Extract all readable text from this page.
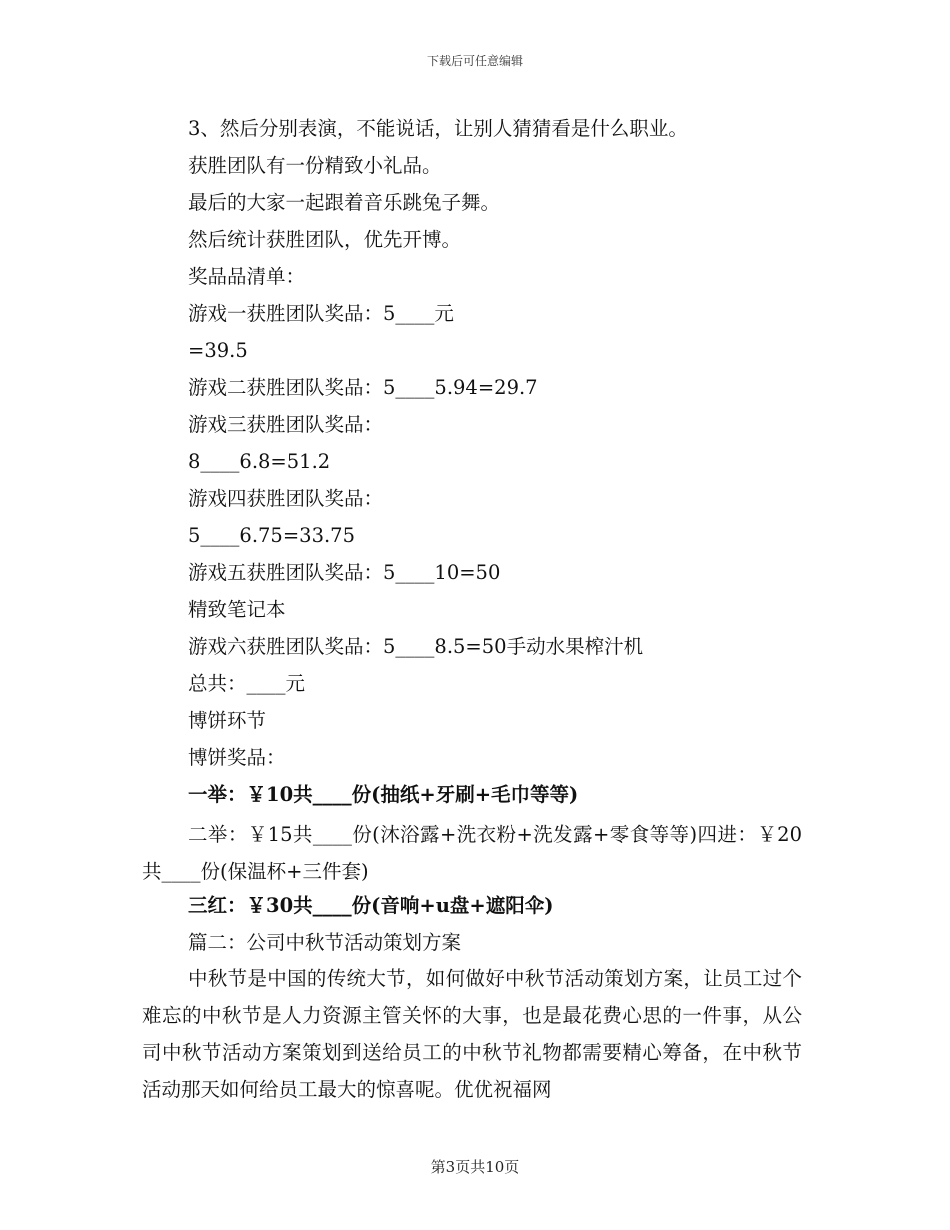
下载后可任意编辑
3、然后分别表演，不能说话，让别人猜猜看是什么职业。
获胜团队有一份精致小礼品。
最后的大家一起跟着音乐跳兔子舞。
然后统计获胜团队，优先开博。
奖品品清单：
游戏一获胜团队奖品：5____元
=39.5
游戏二获胜团队奖品：5____5.94=29.7
游戏三获胜团队奖品：
8____6.8=51.2
游戏四获胜团队奖品：
5____6.75=33.75
游戏五获胜团队奖品：5____10=50
精致笔记本
游戏六获胜团队奖品：5____8.5=50手动水果榨汁机
总共：____元
博饼环节
博饼奖品：
一举：￥10共____份(抽纸+牙刷+毛巾等等)

二举：￥15共____份(沐浴露+洗衣粉+洗发露+零食等等)四进：￥20共____份(保温杯+三件套)

三红：￥30共____份(音响+u盘+遮阳伞)
篇二：公司中秋节活动策划方案

中秋节是中国的传统大节，如何做好中秋节活动策划方案，让员工过个难忘的中秋节是人力资源主管关怀的大事，也是最花费心思的一件事，从公司中秋节活动方案策划到送给员工的中秋节礼物都需要精心筹备，在中秋节活动那天如何给员工最大的惊喜呢。优优祝福网

第3页共10页
